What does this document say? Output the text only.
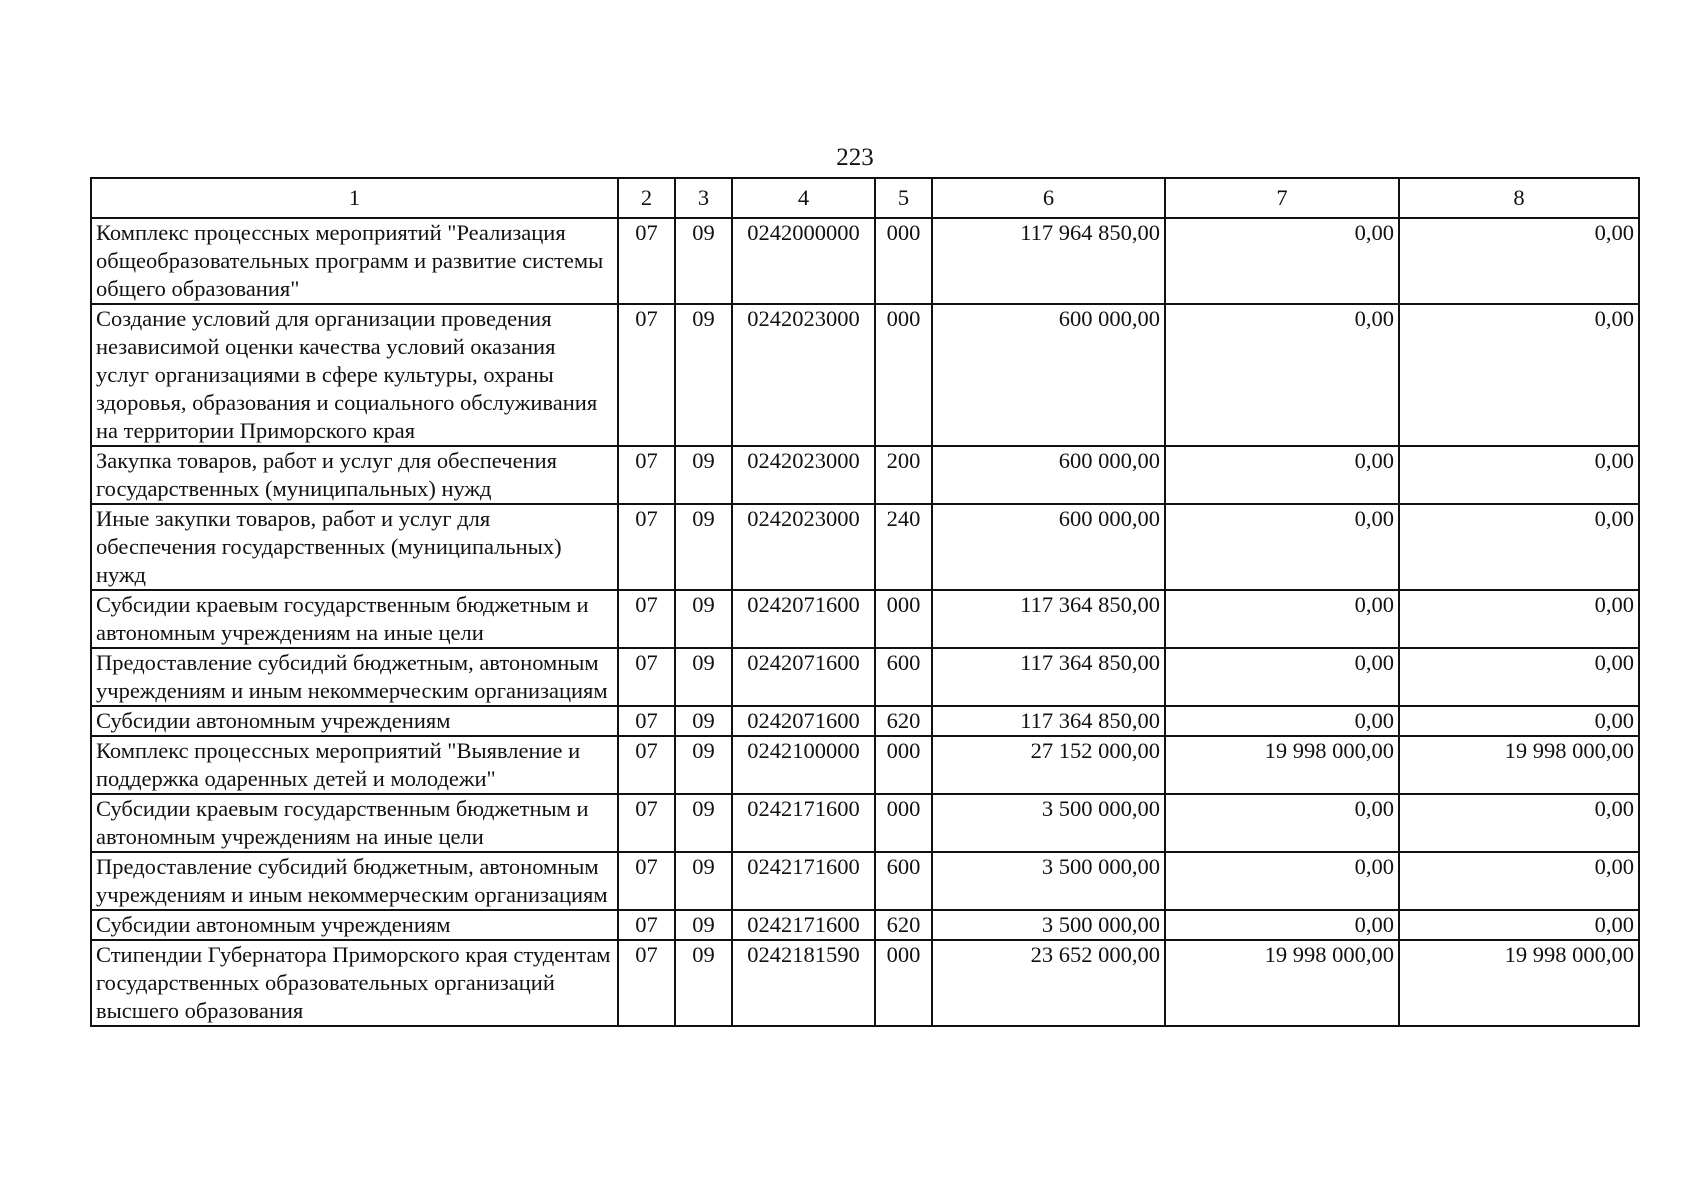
223
1	2	3	4	5	6	7	8
Комплекс процессных мероприятий "Реализация общеобразовательных программ и развитие системы общего образования"	07	09	0242000000	000	117 964 850,00	0,00	0,00
Создание условий для организации проведения независимой оценки качества условий оказания услуг организациями в сфере культуры, охраны здоровья, образования и социального обслуживания на территории Приморского края	07	09	0242023000	000	600 000,00	0,00	0,00
Закупка товаров, работ и услуг для обеспечения государственных (муниципальных) нужд	07	09	0242023000	200	600 000,00	0,00	0,00
Иные закупки товаров, работ и услуг для обеспечения государственных (муниципальных) нужд	07	09	0242023000	240	600 000,00	0,00	0,00
Субсидии краевым государственным бюджетным и автономным учреждениям на иные цели	07	09	0242071600	000	117 364 850,00	0,00	0,00
Предоставление субсидий бюджетным, автономным учреждениям и иным некоммерческим организациям	07	09	0242071600	600	117 364 850,00	0,00	0,00
Субсидии автономным учреждениям	07	09	0242071600	620	117 364 850,00	0,00	0,00
Комплекс процессных мероприятий "Выявление и поддержка одаренных детей и молодежи"	07	09	0242100000	000	27 152 000,00	19 998 000,00	19 998 000,00
Субсидии краевым государственным бюджетным и автономным учреждениям на иные цели	07	09	0242171600	000	3 500 000,00	0,00	0,00
Предоставление субсидий бюджетным, автономным учреждениям и иным некоммерческим организациям	07	09	0242171600	600	3 500 000,00	0,00	0,00
Субсидии автономным учреждениям	07	09	0242171600	620	3 500 000,00	0,00	0,00
Стипендии Губернатора Приморского края студентам государственных образовательных организаций высшего образования	07	09	0242181590	000	23 652 000,00	19 998 000,00	19 998 000,00
